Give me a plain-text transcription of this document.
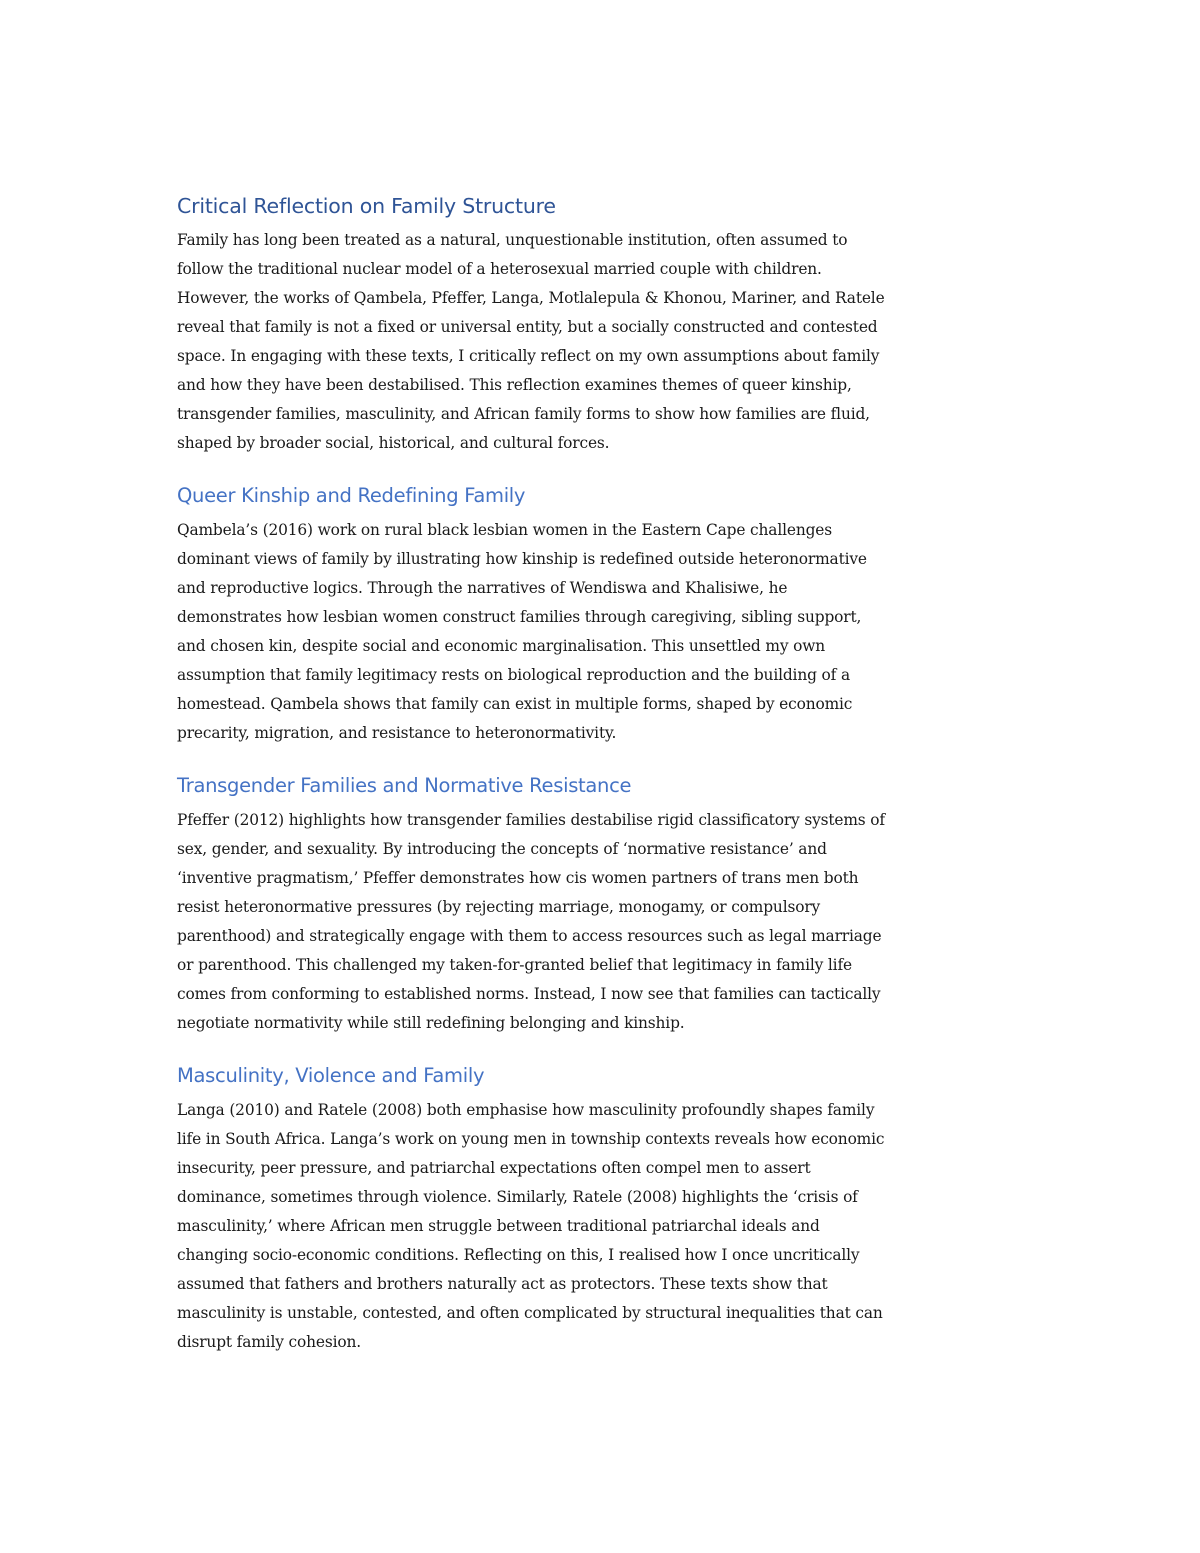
Critical Reflection on Family Structure

Family has long been treated as a natural, unquestionable institution, often assumed to
follow the traditional nuclear model of a heterosexual married couple with children.
However, the works of Qambela, Pfeffer, Langa, Motlalepula & Khonou, Mariner, and Ratele
reveal that family is not a fixed or universal entity, but a socially constructed and contested
space. In engaging with these texts, I critically reflect on my own assumptions about family
and how they have been destabilised. This reflection examines themes of queer kinship,
transgender families, masculinity, and African family forms to show how families are fluid,
shaped by broader social, historical, and cultural forces.

Queer Kinship and Redefining Family

Qambela’s (2016) work on rural black lesbian women in the Eastern Cape challenges
dominant views of family by illustrating how kinship is redefined outside heteronormative
and reproductive logics. Through the narratives of Wendiswa and Khalisiwe, he
demonstrates how lesbian women construct families through caregiving, sibling support,
and chosen kin, despite social and economic marginalisation. This unsettled my own
assumption that family legitimacy rests on biological reproduction and the building of a
homestead. Qambela shows that family can exist in multiple forms, shaped by economic
precarity, migration, and resistance to heteronormativity.

Transgender Families and Normative Resistance

Pfeffer (2012) highlights how transgender families destabilise rigid classificatory systems of
sex, gender, and sexuality. By introducing the concepts of ‘normative resistance’ and
‘inventive pragmatism,’ Pfeffer demonstrates how cis women partners of trans men both
resist heteronormative pressures (by rejecting marriage, monogamy, or compulsory
parenthood) and strategically engage with them to access resources such as legal marriage
or parenthood. This challenged my taken-for-granted belief that legitimacy in family life
comes from conforming to established norms. Instead, I now see that families can tactically
negotiate normativity while still redefining belonging and kinship.

Masculinity, Violence and Family

Langa (2010) and Ratele (2008) both emphasise how masculinity profoundly shapes family
life in South Africa. Langa’s work on young men in township contexts reveals how economic
insecurity, peer pressure, and patriarchal expectations often compel men to assert
dominance, sometimes through violence. Similarly, Ratele (2008) highlights the ‘crisis of
masculinity,’ where African men struggle between traditional patriarchal ideals and
changing socio-economic conditions. Reflecting on this, I realised how I once uncritically
assumed that fathers and brothers naturally act as protectors. These texts show that
masculinity is unstable, contested, and often complicated by structural inequalities that can
disrupt family cohesion.
